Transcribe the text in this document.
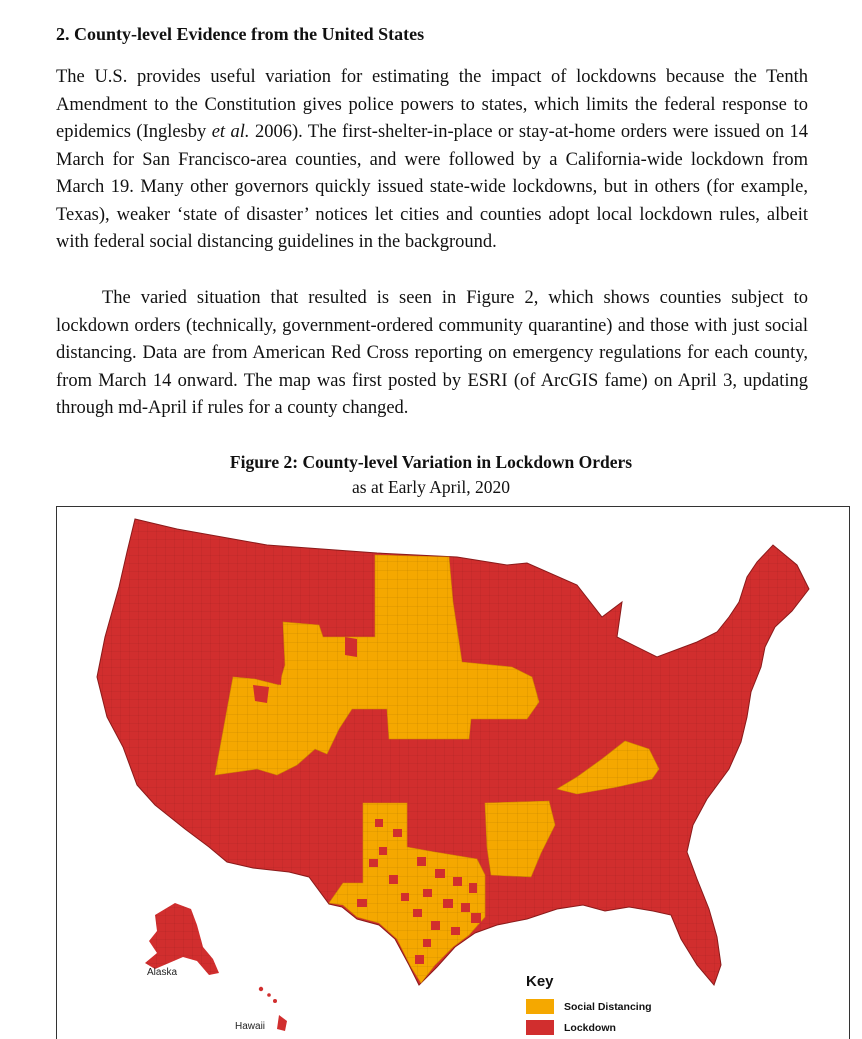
2. County-level Evidence from the United States

The U.S. provides useful variation for estimating the impact of lockdowns because the Tenth Amendment to the Constitution gives police powers to states, which limits the federal response to epidemics (Inglesby et al. 2006). The first-shelter-in-place or stay-at-home orders were issued on 14 March for San Francisco-area counties, and were followed by a California-wide lockdown from March 19. Many other governors quickly issued state-wide lockdowns, but in others (for example, Texas), weaker ‘state of disaster’ notices let cities and counties adopt local lockdown rules, albeit with federal social distancing guidelines in the background.

The varied situation that resulted is seen in Figure 2, which shows counties subject to lockdown orders (technically, government-ordered community quarantine) and those with just social distancing. Data are from American Red Cross reporting on emergency regulations for each county, from March 14 onward. The map was first posted by ESRI (of ArcGIS fame) on April 3, updating through md-April if rules for a county changed.

Figure 2: County-level Variation in Lockdown Orders
as at Early April, 2020
Alaska
Hawaii
Key
Social Distancing
Lockdown
